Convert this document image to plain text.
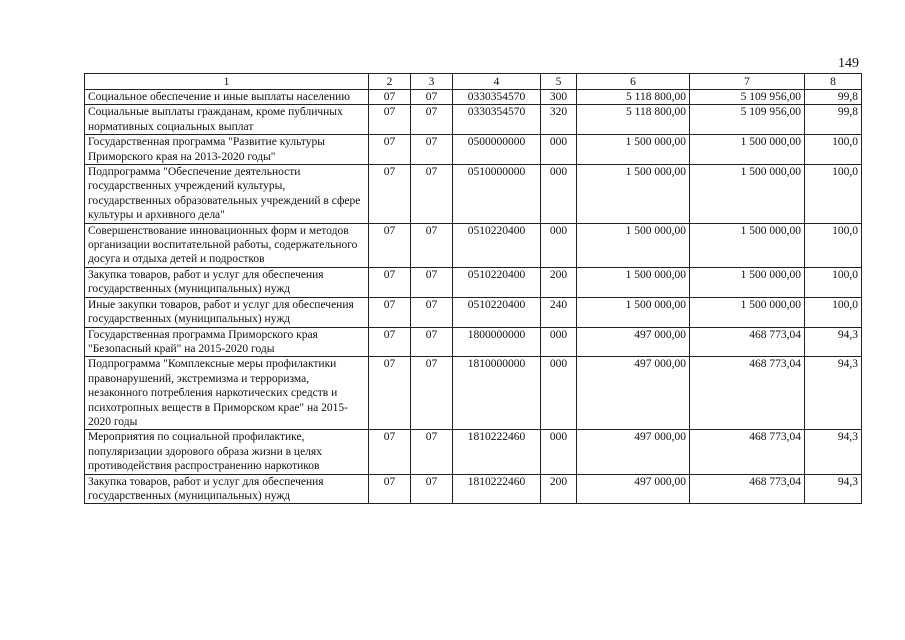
149
1	2	3	4	5	6	7	8
Социальное обеспечение и иные выплаты населению	07	07	0330354570	300	5 118 800,00	5 109 956,00	99,8
Социальные выплаты гражданам, кроме публичных нормативных социальных выплат	07	07	0330354570	320	5 118 800,00	5 109 956,00	99,8
Государственная программа "Развитие культуры Приморского края на 2013-2020 годы"	07	07	0500000000	000	1 500 000,00	1 500 000,00	100,0
Подпрограмма "Обеспечение деятельности государственных учреждений культуры, государственных образовательных учреждений в сфере культуры и архивного дела"	07	07	0510000000	000	1 500 000,00	1 500 000,00	100,0
Совершенствование инновационных форм и методов организации воспитательной работы, содержательного досуга и отдыха детей и подростков	07	07	0510220400	000	1 500 000,00	1 500 000,00	100,0
Закупка товаров, работ и услуг для обеспечения государственных (муниципальных) нужд	07	07	0510220400	200	1 500 000,00	1 500 000,00	100,0
Иные закупки товаров, работ и услуг для обеспечения государственных (муниципальных) нужд	07	07	0510220400	240	1 500 000,00	1 500 000,00	100,0
Государственная программа Приморского края "Безопасный край" на 2015-2020 годы	07	07	1800000000	000	497 000,00	468 773,04	94,3
Подпрограмма "Комплексные меры профилактики правонарушений, экстремизма и терроризма, незаконного потребления наркотических средств и психотропных веществ в Приморском крае" на 2015-2020 годы	07	07	1810000000	000	497 000,00	468 773,04	94,3
Мероприятия по социальной профилактике, популяризации здорового образа жизни в целях противодействия распространению наркотиков	07	07	1810222460	000	497 000,00	468 773,04	94,3
Закупка товаров, работ и услуг для обеспечения государственных (муниципальных) нужд	07	07	1810222460	200	497 000,00	468 773,04	94,3
